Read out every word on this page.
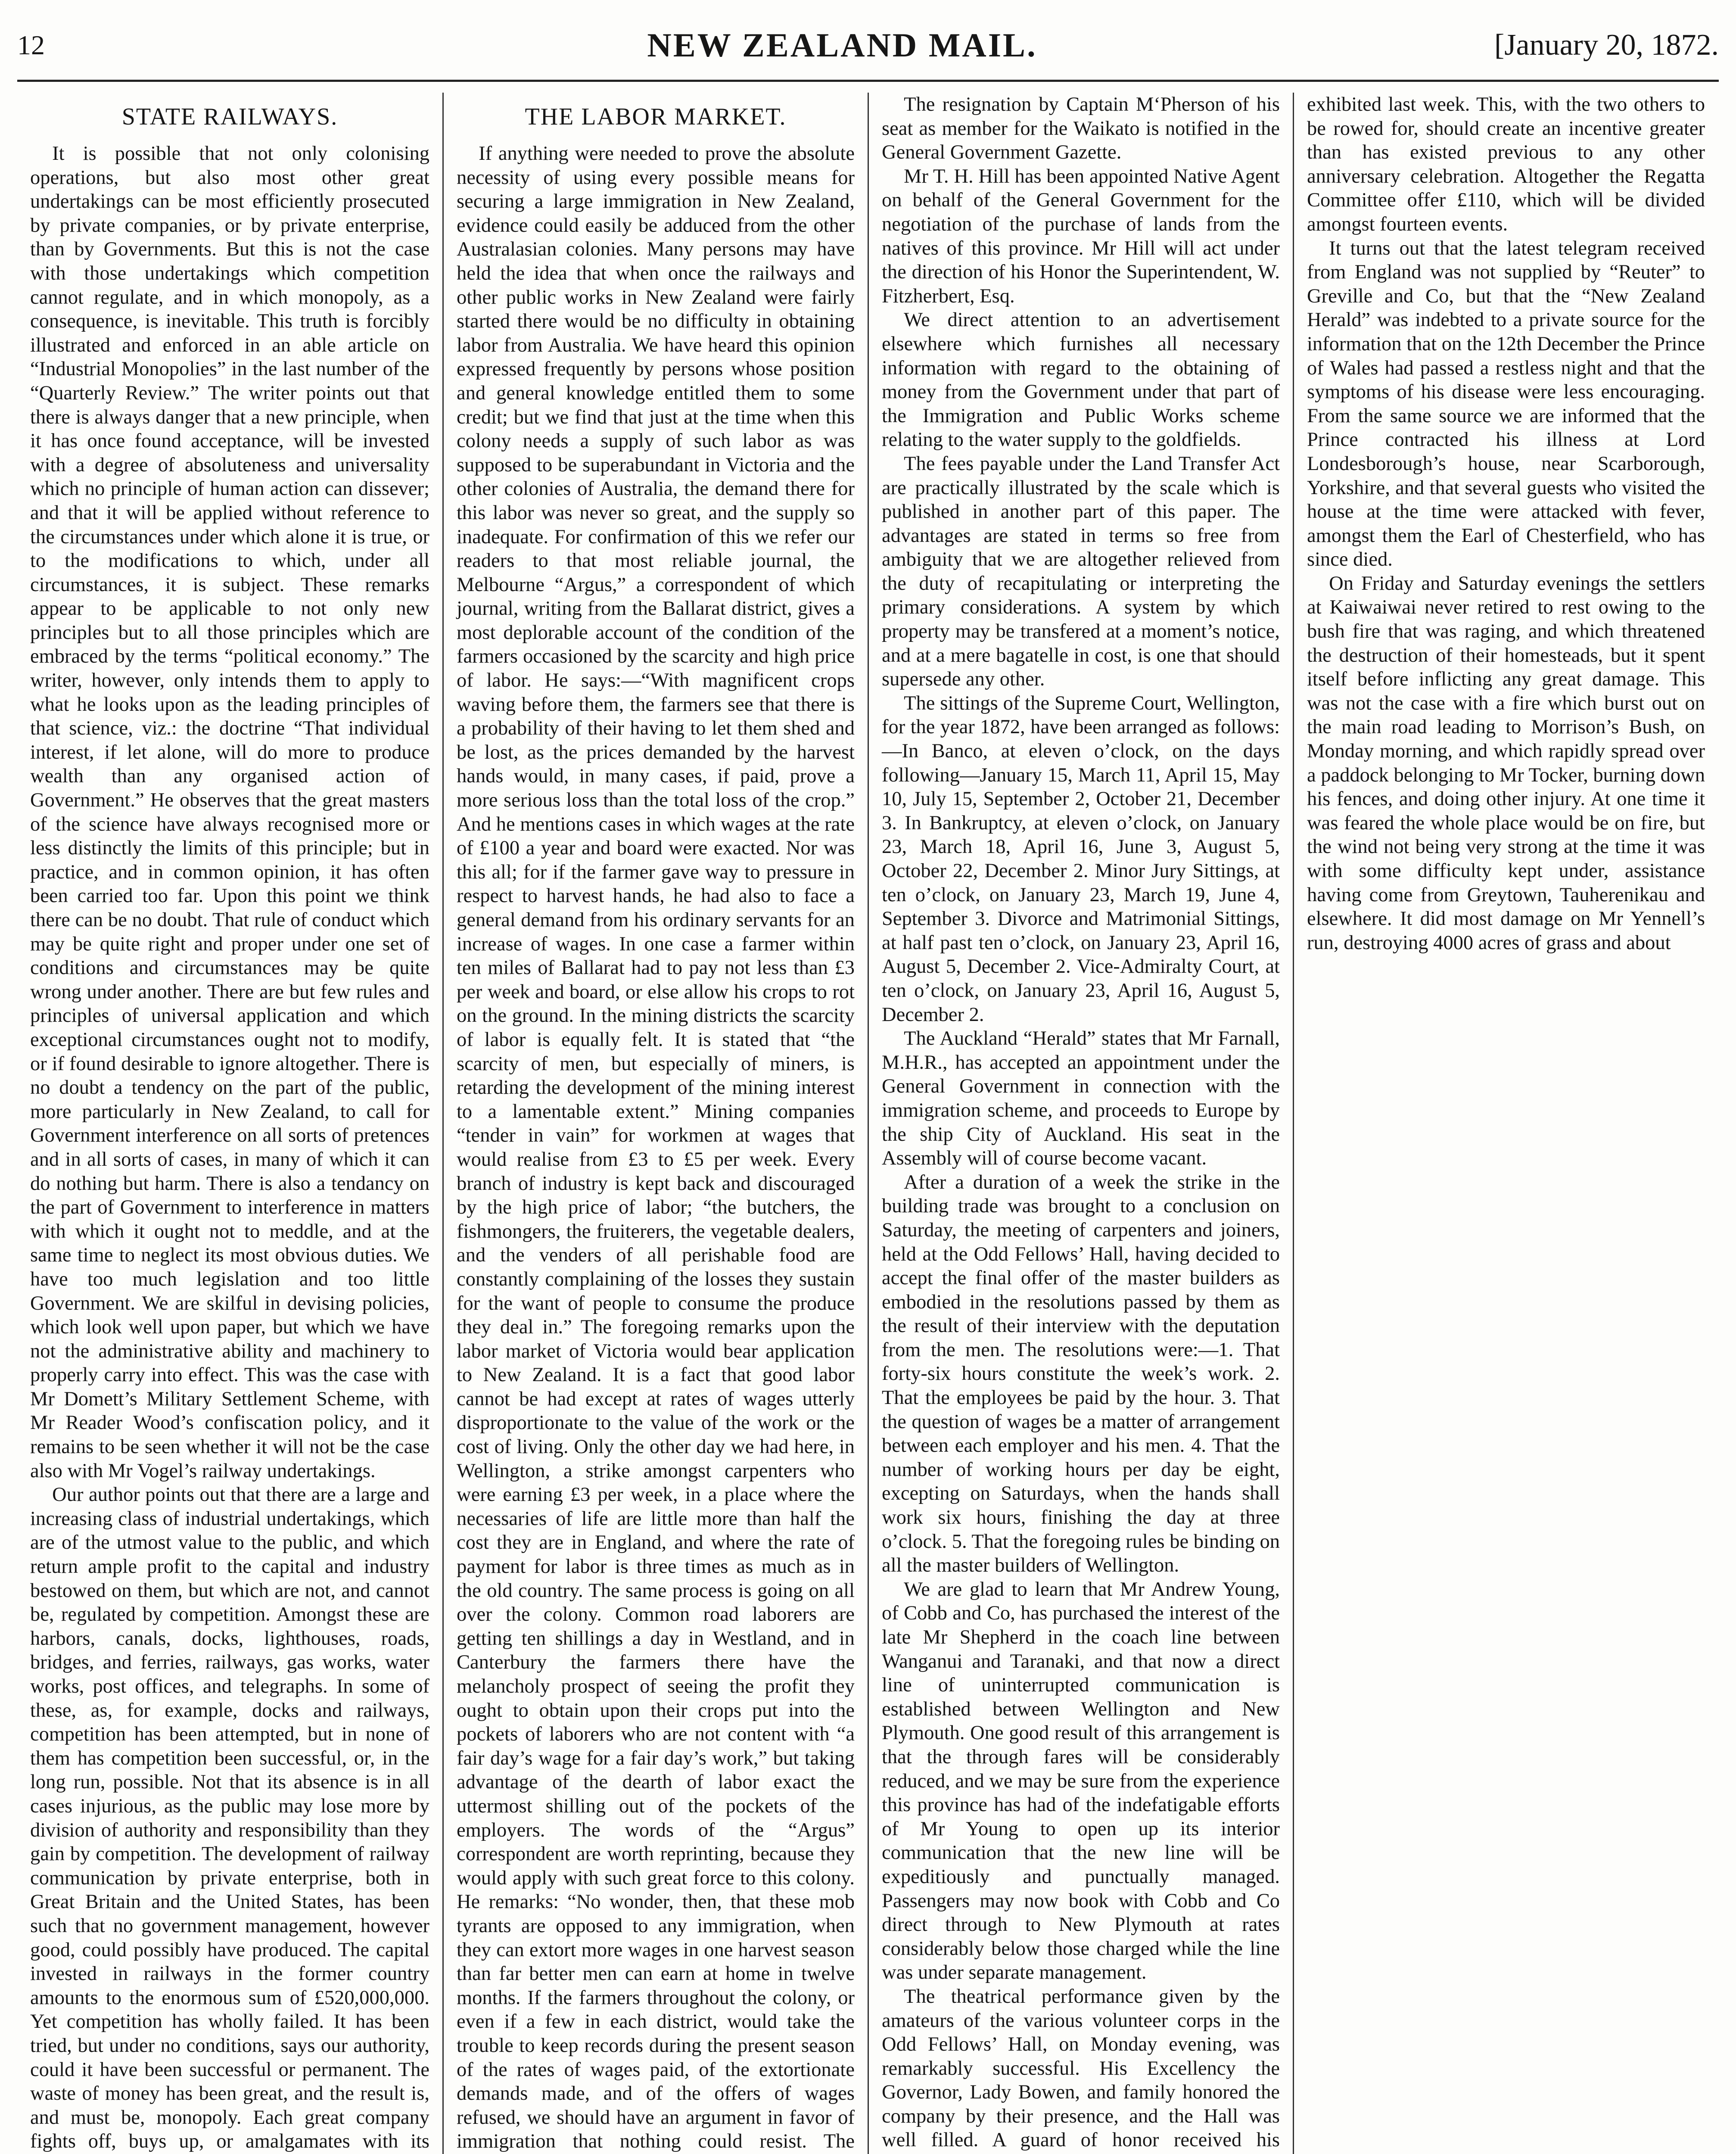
12	NEW ZEALAND MAIL.	[January 20, 1872.
STATE RAILWAYS.

It is possible that not only colonising operations, but also most other great undertakings can be most efficiently prosecuted by private companies, or by private enterprise, than by Governments. But this is not the case with those undertakings which competition cannot regulate, and in which monopoly, as a consequence, is inevitable. This truth is forcibly illustrated and enforced in an able article on “Industrial Monopolies” in the last number of the “Quarterly Review.” The writer points out that there is always danger that a new principle, when it has once found acceptance, will be invested with a degree of absoluteness and universality which no principle of human action can dissever; and that it will be applied without reference to the circumstances under which alone it is true, or to the modifications to which, under all circumstances, it is subject. These remarks appear to be applicable to not only new principles but to all those principles which are embraced by the terms “political economy.” The writer, however, only intends them to apply to what he looks upon as the leading principles of that science, viz.: the doctrine “That individual interest, if let alone, will do more to produce wealth than any organised action of Government.” He observes that the great masters of the science have always recognised more or less distinctly the limits of this principle; but in practice, and in common opinion, it has often been carried too far. Upon this point we think there can be no doubt. That rule of conduct which may be quite right and proper under one set of conditions and circumstances may be quite wrong under another. There are but few rules and principles of universal application and which exceptional circumstances ought not to modify, or if found desirable to ignore altogether. There is no doubt a tendency on the part of the public, more particularly in New Zealand, to call for Government interference on all sorts of pretences and in all sorts of cases, in many of which it can do nothing but harm. There is also a tendancy on the part of Government to interference in matters with which it ought not to meddle, and at the same time to neglect its most obvious duties. We have too much legislation and too little Government. We are skilful in devising policies, which look well upon paper, but which we have not the administrative ability and machinery to properly carry into effect. This was the case with Mr Domett’s Military Settlement Scheme, with Mr Reader Wood’s confiscation policy, and it remains to be seen whether it will not be the case also with Mr Vogel’s railway undertakings.

Our author points out that there are a large and increasing class of industrial undertakings, which are of the utmost value to the public, and which return ample profit to the capital and industry bestowed on them, but which are not, and cannot be, regulated by competition. Amongst these are harbors, canals, docks, lighthouses, roads, bridges, and ferries, railways, gas works, water works, post offices, and telegraphs. In some of these, as, for example, docks and railways, competition has been attempted, but in none of them has competition been successful, or, in the long run, possible. Not that its absence is in all cases injurious, as the public may lose more by division of authority and responsibility than they gain by competition. The development of railway communication by private enterprise, both in Great Britain and the United States, has been such that no government management, however good, could possibly have produced. The capital invested in railways in the former country amounts to the enormous sum of £520,000,000. Yet competition has wholly failed. It has been tried, but under no conditions, says our authority, could it have been successful or permanent. The waste of money has been great, and the result is, and must be, monopoly. Each great company fights off, buys up, or amalgamates with its

THE LABOR MARKET.

If anything were needed to prove the absolute necessity of using every possible means for securing a large immigration in New Zealand, evidence could easily be adduced from the other Australasian colonies. Many persons may have held the idea that when once the railways and other public works in New Zealand were fairly started there would be no difficulty in obtaining labor from Australia. We have heard this opinion expressed frequently by persons whose position and general knowledge entitled them to some credit; but we find that just at the time when this colony needs a supply of such labor as was supposed to be superabundant in Victoria and the other colonies of Australia, the demand there for this labor was never so great, and the supply so inadequate. For confirmation of this we refer our readers to that most reliable journal, the Melbourne “Argus,” a correspondent of which journal, writing from the Ballarat district, gives a most deplorable account of the condition of the farmers occasioned by the scarcity and high price of labor. He says:—“With magnificent crops waving before them, the farmers see that there is a probability of their having to let them shed and be lost, as the prices demanded by the harvest hands would, in many cases, if paid, prove a more serious loss than the total loss of the crop.” And he mentions cases in which wages at the rate of £100 a year and board were exacted. Nor was this all; for if the farmer gave way to pressure in respect to harvest hands, he had also to face a general demand from his ordinary servants for an increase of wages. In one case a farmer within ten miles of Ballarat had to pay not less than £3 per week and board, or else allow his crops to rot on the ground. In the mining districts the scarcity of labor is equally felt. It is stated that “the scarcity of men, but especially of miners, is retarding the development of the mining interest to a lamentable extent.” Mining companies “tender in vain” for workmen at wages that would realise from £3 to £5 per week. Every branch of industry is kept back and discouraged by the high price of labor; “the butchers, the fishmongers, the fruiterers, the vegetable dealers, and the venders of all perishable food are constantly complaining of the losses they sustain for the want of people to consume the produce they deal in.” The foregoing remarks upon the labor market of Victoria would bear application to New Zealand. It is a fact that good labor cannot be had except at rates of wages utterly disproportionate to the value of the work or the cost of living. Only the other day we had here, in Wellington, a strike amongst carpenters who were earning £3 per week, in a place where the necessaries of life are little more than half the cost they are in England, and where the rate of payment for labor is three times as much as in the old country. The same process is going on all over the colony. Common road laborers are getting ten shillings a day in Westland, and in Canterbury the farmers there have the melancholy prospect of seeing the profit they ought to obtain upon their crops put into the pockets of laborers who are not content with “a fair day’s wage for a fair day’s work,” but taking advantage of the dearth of labor exact the uttermost shilling out of the pockets of the employers. The words of the “Argus” correspondent are worth reprinting, because they would apply with such great force to this colony. He remarks: “No wonder, then, that these mob tyrants are opposed to any immigration, when they can extort more wages in one harvest season than far better men can earn at home in twelve months. If the farmers throughout the colony, or even if a few in each district, would take the trouble to keep records during the present season of the rates of wages paid, of the extortionate demands made, and of the offers of wages refused, we should have an argument in favor of immigration that nothing could resist. The

The resignation by Captain M‘Pherson of his seat as member for the Waikato is notified in the General Government Gazette.

Mr T. H. Hill has been appointed Native Agent on behalf of the General Government for the negotiation of the purchase of lands from the natives of this province. Mr Hill will act under the direction of his Honor the Superintendent, W. Fitzherbert, Esq.

We direct attention to an advertisement elsewhere which furnishes all necessary information with regard to the obtaining of money from the Government under that part of the Immigration and Public Works scheme relating to the water supply to the goldfields.

The fees payable under the Land Transfer Act are practically illustrated by the scale which is published in another part of this paper. The advantages are stated in terms so free from ambiguity that we are altogether relieved from the duty of recapitulating or interpreting the primary considerations. A system by which property may be transfered at a moment’s notice, and at a mere bagatelle in cost, is one that should supersede any other.

The sittings of the Supreme Court, Wellington, for the year 1872, have been arranged as follows:—In Banco, at eleven o’clock, on the days following—January 15, March 11, April 15, May 10, July 15, September 2, October 21, December 3. In Bankruptcy, at eleven o’clock, on January 23, March 18, April 16, June 3, August 5, October 22, December 2. Minor Jury Sittings, at ten o’clock, on January 23, March 19, June 4, September 3. Divorce and Matrimonial Sittings, at half past ten o’clock, on January 23, April 16, August 5, December 2. Vice-Admiralty Court, at ten o’clock, on January 23, April 16, August 5, December 2.

The Auckland “Herald” states that Mr Farnall, M.H.R., has accepted an appointment under the General Government in connection with the immigration scheme, and proceeds to Europe by the ship City of Auckland. His seat in the Assembly will of course become vacant.

After a duration of a week the strike in the building trade was brought to a conclusion on Saturday, the meeting of carpenters and joiners, held at the Odd Fellows’ Hall, having decided to accept the final offer of the master builders as embodied in the resolutions passed by them as the result of their interview with the deputation from the men. The resolutions were:—1. That forty-six hours constitute the week’s work. 2. That the employees be paid by the hour. 3. That the question of wages be a matter of arrangement between each employer and his men. 4. That the number of working hours per day be eight, excepting on Saturdays, when the hands shall work six hours, finishing the day at three o’clock. 5. That the foregoing rules be binding on all the master builders of Wellington.

We are glad to learn that Mr Andrew Young, of Cobb and Co, has purchased the interest of the late Mr Shepherd in the coach line between Wanganui and Taranaki, and that now a direct line of uninterrupted communication is established between Wellington and New Plymouth. One good result of this arrangement is that the through fares will be considerably reduced, and we may be sure from the experience this province has had of the indefatigable efforts of Mr Young to open up its interior communication that the new line will be expeditiously and punctually managed. Passengers may now book with Cobb and Co direct through to New Plymouth at rates considerably below those charged while the line was under separate management.

The theatrical performance given by the amateurs of the various volunteer corps in the Odd Fellows’ Hall, on Monday evening, was remarkably successful. His Excellency the Governor, Lady Bowen, and family honored the company by their presence, and the Hall was well filled. A guard of honor received his

exhibited last week. This, with the two others to be rowed for, should create an incentive greater than has existed previous to any other anniversary celebration. Altogether the Regatta Committee offer £110, which will be divided amongst fourteen events.

It turns out that the latest telegram received from England was not supplied by “Reuter” to Greville and Co, but that the “New Zealand Herald” was indebted to a private source for the information that on the 12th December the Prince of Wales had passed a restless night and that the symptoms of his disease were less encouraging. From the same source we are informed that the Prince contracted his illness at Lord Londesborough’s house, near Scarborough, Yorkshire, and that several guests who visited the house at the time were attacked with fever, amongst them the Earl of Chesterfield, who has since died.

On Friday and Saturday evenings the settlers at Kaiwaiwai never retired to rest owing to the bush fire that was raging, and which threatened the destruction of their homesteads, but it spent itself before inflicting any great damage. This was not the case with a fire which burst out on the main road leading to Morrison’s Bush, on Monday morning, and which rapidly spread over a paddock belonging to Mr Tocker, burning down his fences, and doing other injury. At one time it was feared the whole place would be on fire, but the wind not being very strong at the time it was with some difficulty kept under, assistance having come from Greytown, Tauherenikau and elsewhere. It did most damage on Mr Yennell’s run, destroying 4000 acres of grass and about
